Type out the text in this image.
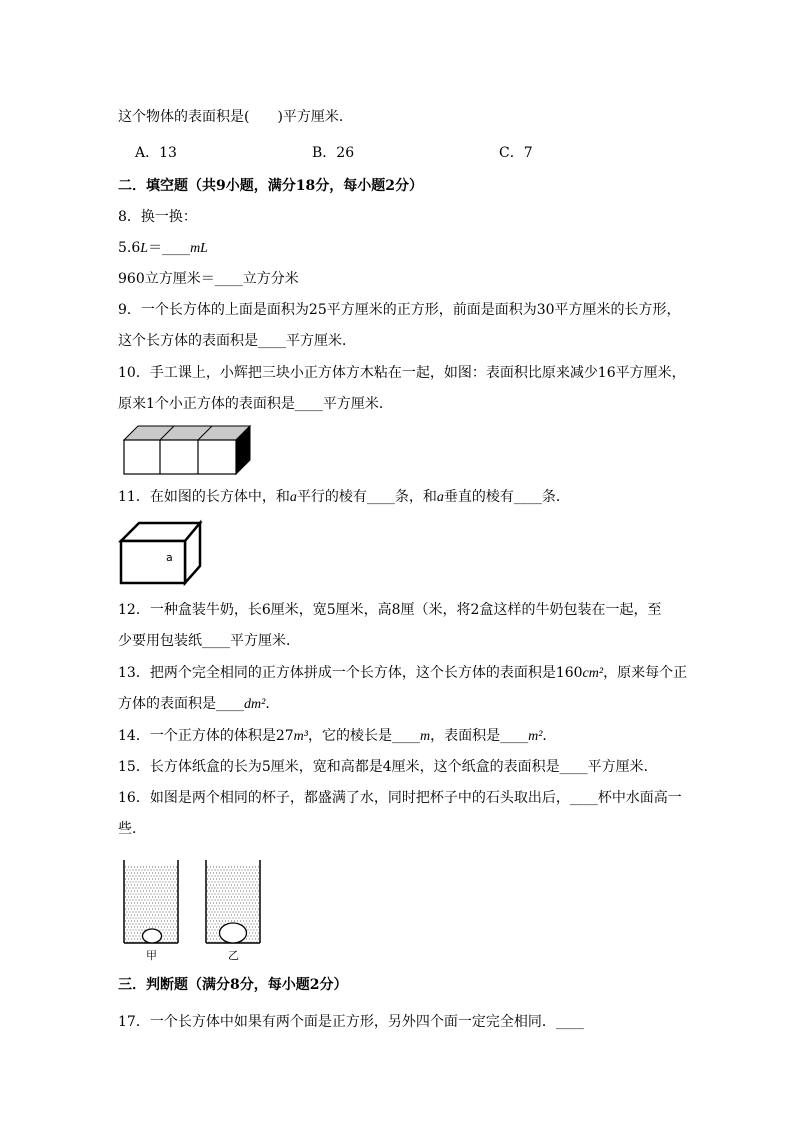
这个物体的表面积是(　　)平方厘米．
A．13	B．26	C．7
二．填空题（共9小题，满分18分，每小题2分）
8．换一换：
5.6L＝____mL
960立方厘米＝____立方分米
9．一个长方体的上面是面积为25平方厘米的正方形，前面是面积为30平方厘米的长方形，
这个长方体的表面积是____平方厘米．
10．手工课上，小辉把三块小正方体方木粘在一起，如图：表面积比原来减少16平方厘米，
原来1个小正方体的表面积是____平方厘米．
11．在如图的长方体中，和a平行的棱有____条，和a垂直的棱有____条．
a
12．一种盒装牛奶，长6厘米，宽5厘米，高8厘（米，将2盒这样的牛奶包装在一起，至
少要用包装纸____平方厘米．
13．把两个完全相同的正方体拼成一个长方体，这个长方体的表面积是160cm²，原来每个正
方体的表面积是____dm²．
14．一个正方体的体积是27m³，它的棱长是____m，表面积是____m²．
15．长方体纸盒的长为5厘米，宽和高都是4厘米，这个纸盒的表面积是____平方厘米．
16．如图是两个相同的杯子，都盛满了水，同时把杯子中的石头取出后，____杯中水面高一
些．
甲	乙
三．判断题（满分8分，每小题2分）
17．一个长方体中如果有两个面是正方形，另外四个面一定完全相同．____
